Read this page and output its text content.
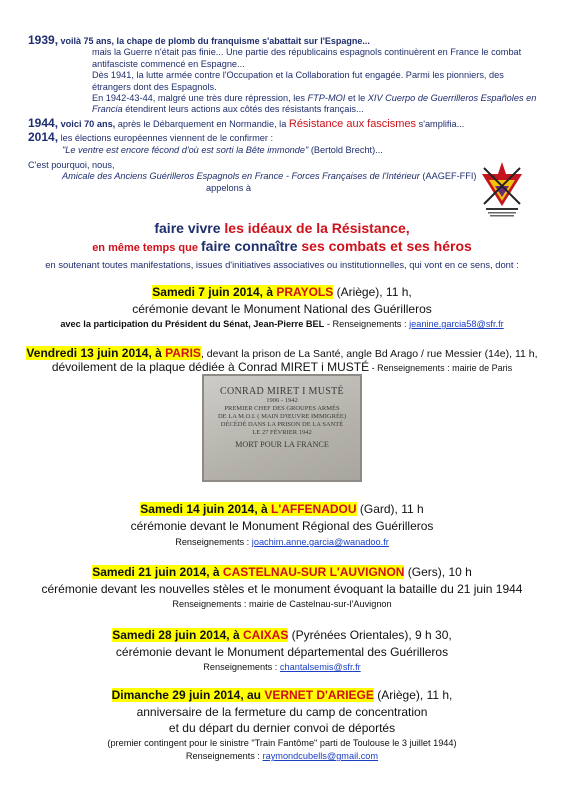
1939, voilà 75 ans, la chape de plomb du franquisme s'abattait sur l'Espagne...

mais la Guerre n'était pas finie... Une partie des républicains espagnols continuèrent en France le combat antifasciste commencé en Espagne...

Dès 1941, la lutte armée contre l'Occupation et la Collaboration fut engagée. Parmi les pionniers, des étrangers dont des Espagnols.

En 1942-43-44, malgré une très dure répression, les FTP-MOI et le XIV Cuerpo de Guerrilleros Españoles en Francia étendirent leurs actions aux côtés des résistants français...

1944, voici 70 ans, après le Débarquement en Normandie, la Résistance aux fascismes s'amplifia...

2014, les élections européennes viennent de le confirmer :

"Le ventre est encore fécond d'où est sorti la Bête immonde" (Bertold Brecht)...

C'est pourquoi, nous,

Amicale des Anciens Guérilleros Espagnols en France - Forces Françaises de l'Intérieur (AAGEF-FFI)

appelons à

faire vivre les idéaux de la Résistance,
en même temps que faire connaître ses combats et ses héros
en soutenant toutes manifestations, issues d'initiatives associatives ou institutionnelles, qui vont en ce sens, dont :
Samedi 7 juin 2014, à PRAYOLS (Ariège), 11 h,
cérémonie devant le Monument National des Guérilleros
avec la participation du Président du Sénat, Jean-Pierre BEL - Renseignements : jeanine.garcia58@sfr.fr
Vendredi 13 juin 2014, à PARIS, devant la prison de La Santé, angle Bd Arago / rue Messier (14e), 11 h,
dévoilement de la plaque dédiée à Conrad MIRET i MUSTÉ - Renseignements : mairie de Paris
CONRAD MIRET I MUSTÉ
1906 - 1942
PREMIER CHEF DES GROUPES ARMÉS
DE LA M.O.I. ( MAIN D'ŒUVRE IMMIGRÉE)
DÉCÉDÉ DANS LA PRISON DE LA SANTÉ
LE 27 FÉVRIER 1942
MORT POUR LA FRANCE
Samedi 14 juin 2014, à L'AFFENADOU (Gard), 11 h
cérémonie devant le Monument Régional des Guérilleros
Renseignements : joachim.anne.garcia@wanadoo.fr
Samedi 21 juin 2014, à CASTELNAU-SUR L'AUVIGNON (Gers), 10 h
cérémonie devant les nouvelles stèles et le monument évoquant la bataille du 21 juin 1944
Renseignements : mairie de Castelnau-sur-l'Auvignon
Samedi 28 juin 2014, à CAIXAS (Pyrénées Orientales), 9 h 30,
cérémonie devant le Monument départemental des Guérilleros
Renseignements : chantalsemis@sfr.fr
Dimanche 29 juin 2014, au VERNET D'ARIEGE (Ariège), 11 h,
anniversaire de la fermeture du camp de concentration
et du départ du dernier convoi de déportés
(premier contingent pour le sinistre "Train Fantôme" parti de Toulouse le 3 juillet 1944)
Renseignements : raymondcubells@gmail.com
